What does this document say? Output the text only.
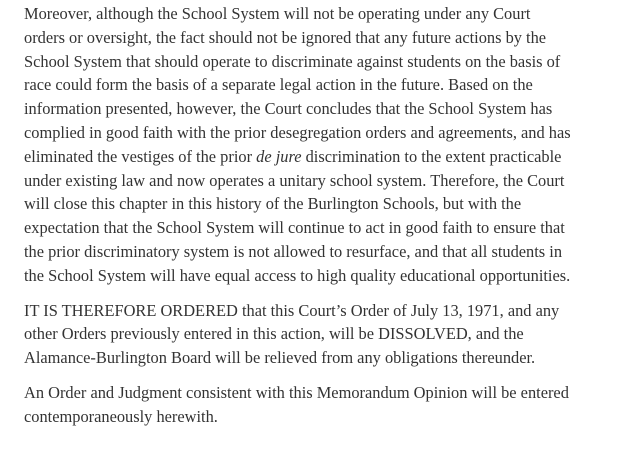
Moreover, although the School System will not be operating under any Court
orders or oversight, the fact should not be ignored that any future actions by the
School System that should operate to discriminate against students on the basis of
race could form the basis of a separate legal action in the future. Based on the
information presented, however, the Court concludes that the School System has
complied in good faith with the prior desegregation orders and agreements, and has
eliminated the vestiges of the prior de jure discrimination to the extent practicable
under existing law and now operates a unitary school system. Therefore, the Court
will close this chapter in this history of the Burlington Schools, but with the
expectation that the School System will continue to act in good faith to ensure that
the prior discriminatory system is not allowed to resurface, and that all students in
the School System will have equal access to high quality educational opportunities.

IT IS THEREFORE ORDERED that this Court’s Order of July 13, 1971, and any
other Orders previously entered in this action, will be DISSOLVED, and the
Alamance-Burlington Board will be relieved from any obligations thereunder.

An Order and Judgment consistent with this Memorandum Opinion will be entered
contemporaneously herewith.
